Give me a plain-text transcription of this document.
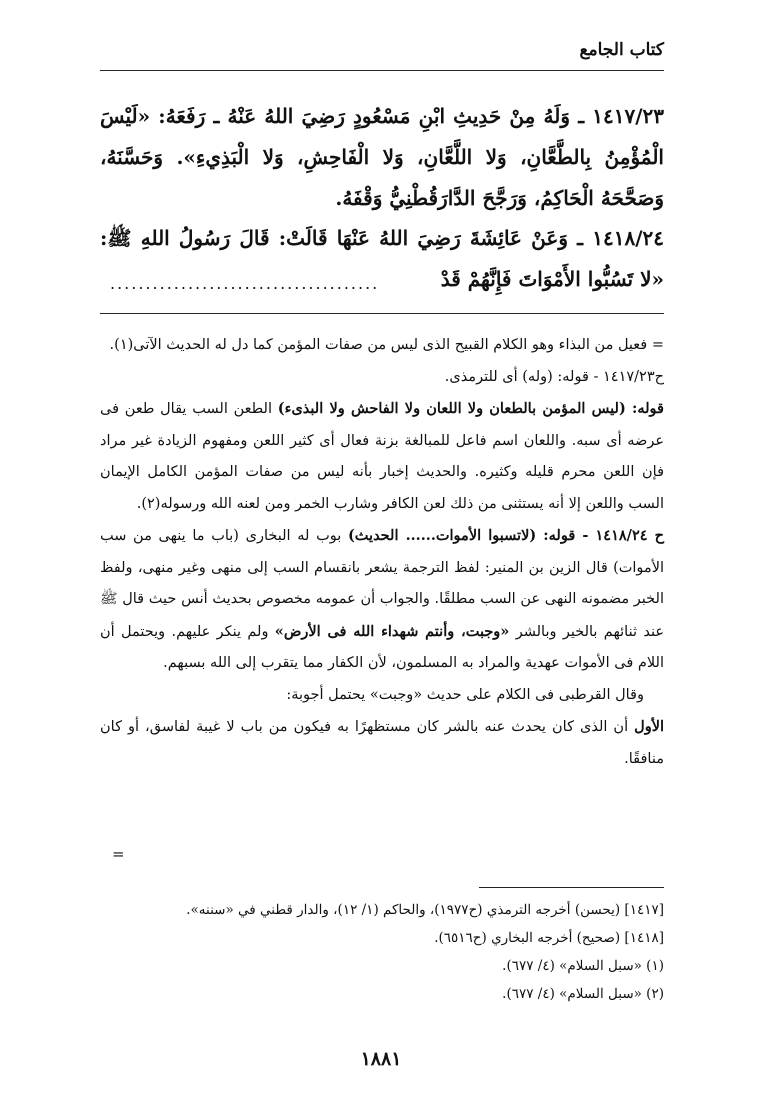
كتاب الجامع

١٤١٧/٢٣ ـ وَلَهُ مِنْ حَدِيثِ ابْنِ مَسْعُودٍ رَضِيَ اللهُ عَنْهُ ـ رَفَعَهُ: «لَيْسَ الْمُؤْمِنُ بِالطَّعَّانِ، وَلا اللَّعَّانِ، وَلا الْفَاحِشِ، وَلا الْبَذِيءِ». وَحَسَّنَهُ، وَصَحَّحَهُ الْحَاكِمُ، وَرَجَّحَ الدَّارَقُطْنِيُّ وَقْفَهُ.

١٤١٨/٢٤ ـ وَعَنْ عَائِشَةَ رَضِيَ اللهُ عَنْهَا قَالَتْ: قَالَ رَسُولُ اللهِ ﷺ: «لا تَسُبُّوا الأَمْوَاتَ فَإِنَّهُمْ قَدْ

......................................

= فعيل من البذاء وهو الكلام القبيح الذى ليس من صفات المؤمن كما دل له الحديث الآتى(١).

ح١٤١٧/٢٣ - قوله: (وله) أى للترمذى.

قوله: (ليس المؤمن بالطعان ولا اللعان ولا الفاحش ولا البذىء) الطعن السب يقال طعن فى عرضه أى سبه. واللعان اسم فاعل للمبالغة بزنة فعال أى كثير اللعن ومفهوم الزيادة غير مراد فإن اللعن محرم قليله وكثيره. والحديث إخبار بأنه ليس من صفات المؤمن الكامل الإيمان السب واللعن إلا أنه يستثنى من ذلك لعن الكافر وشارب الخمر ومن لعنه الله ورسوله(٢).

ح ١٤١٨/٢٤ - قوله: (لاتسبوا الأموات...... الحديث) بوب له البخارى (باب ما ينهى من سب الأموات) قال الزين بن المنير: لفظ الترجمة يشعر بانقسام السب إلى منهى وغير منهى، ولفظ الخبر مضمونه النهى عن السب مطلقًا. والجواب أن عمومه مخصوص بحديث أنس حيث قال ﷺ عند ثنائهم بالخير وبالشر «وجبت، وأنتم شهداء الله فى الأرض» ولم ينكر عليهم. ويحتمل أن اللام فى الأموات عهدية والمراد به المسلمون، لأن الكفار مما يتقرب إلى الله بسبهم.

وقال القرطبى فى الكلام على حديث «وجبت» يحتمل أجوبة:

الأول أن الذى كان يحدث عنه بالشر كان مستظهرًا به فيكون من باب لا غيبة لفاسق، أو كان منافقًا.

=

[١٤١٧] (يحسن) أخرجه الترمذي (ح١٩٧٧)، والحاكم (١/ ١٢)، والدار قطني في «سننه».

[١٤١٨] (صحيح) أخرجه البخاري (ح٦٥١٦).

(١) «سبل السلام» (٤/ ٦٧٧).

(٢) «سبل السلام» (٤/ ٦٧٧).

١٨٨١
